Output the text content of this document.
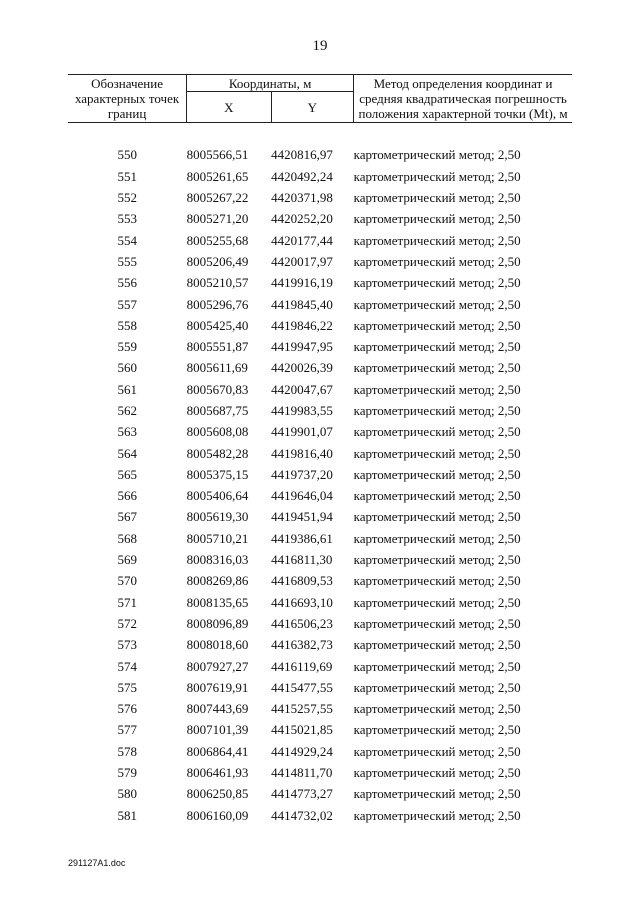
19
Обозначение характерных точек границ	Координаты, м		Метод определения координат и средняя квадратическая погрешность положения характерной точки (Mt), м
	X	Y	

550	8005566,51	4420816,97	картометрический метод; 2,50
551	8005261,65	4420492,24	картометрический метод; 2,50
552	8005267,22	4420371,98	картометрический метод; 2,50
553	8005271,20	4420252,20	картометрический метод; 2,50
554	8005255,68	4420177,44	картометрический метод; 2,50
555	8005206,49	4420017,97	картометрический метод; 2,50
556	8005210,57	4419916,19	картометрический метод; 2,50
557	8005296,76	4419845,40	картометрический метод; 2,50
558	8005425,40	4419846,22	картометрический метод; 2,50
559	8005551,87	4419947,95	картометрический метод; 2,50
560	8005611,69	4420026,39	картометрический метод; 2,50
561	8005670,83	4420047,67	картометрический метод; 2,50
562	8005687,75	4419983,55	картометрический метод; 2,50
563	8005608,08	4419901,07	картометрический метод; 2,50
564	8005482,28	4419816,40	картометрический метод; 2,50
565	8005375,15	4419737,20	картометрический метод; 2,50
566	8005406,64	4419646,04	картометрический метод; 2,50
567	8005619,30	4419451,94	картометрический метод; 2,50
568	8005710,21	4419386,61	картометрический метод; 2,50
569	8008316,03	4416811,30	картометрический метод; 2,50
570	8008269,86	4416809,53	картометрический метод; 2,50
571	8008135,65	4416693,10	картометрический метод; 2,50
572	8008096,89	4416506,23	картометрический метод; 2,50
573	8008018,60	4416382,73	картометрический метод; 2,50
574	8007927,27	4416119,69	картометрический метод; 2,50
575	8007619,91	4415477,55	картометрический метод; 2,50
576	8007443,69	4415257,55	картометрический метод; 2,50
577	8007101,39	4415021,85	картометрический метод; 2,50
578	8006864,41	4414929,24	картометрический метод; 2,50
579	8006461,93	4414811,70	картометрический метод; 2,50
580	8006250,85	4414773,27	картометрический метод; 2,50
581	8006160,09	4414732,02	картометрический метод; 2,50
291127A1.doc
